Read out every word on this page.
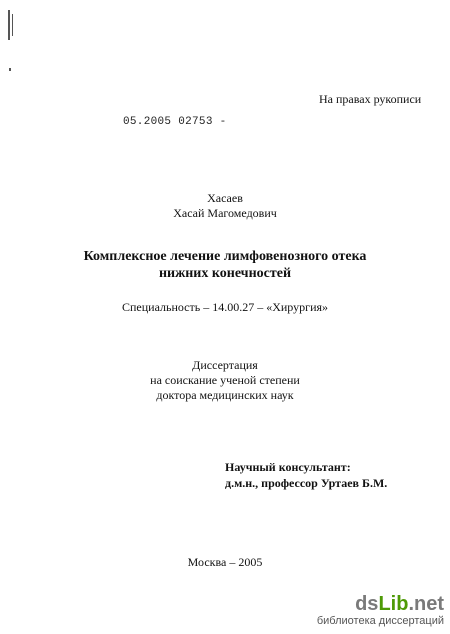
На правах рукописи
05.2005 02753 -
Хасаев
Хасай Магомедович
Комплексное лечение лимфовенозного отека
нижних конечностей
Специальность – 14.00.27 – «Хирургия»
Диссертация
на соискание ученой степени
доктора медицинских наук
Научный консультант:
д.м.н., профессор Уртаев Б.М.
Москва – 2005
dsLib.net
библиотека диссертаций
